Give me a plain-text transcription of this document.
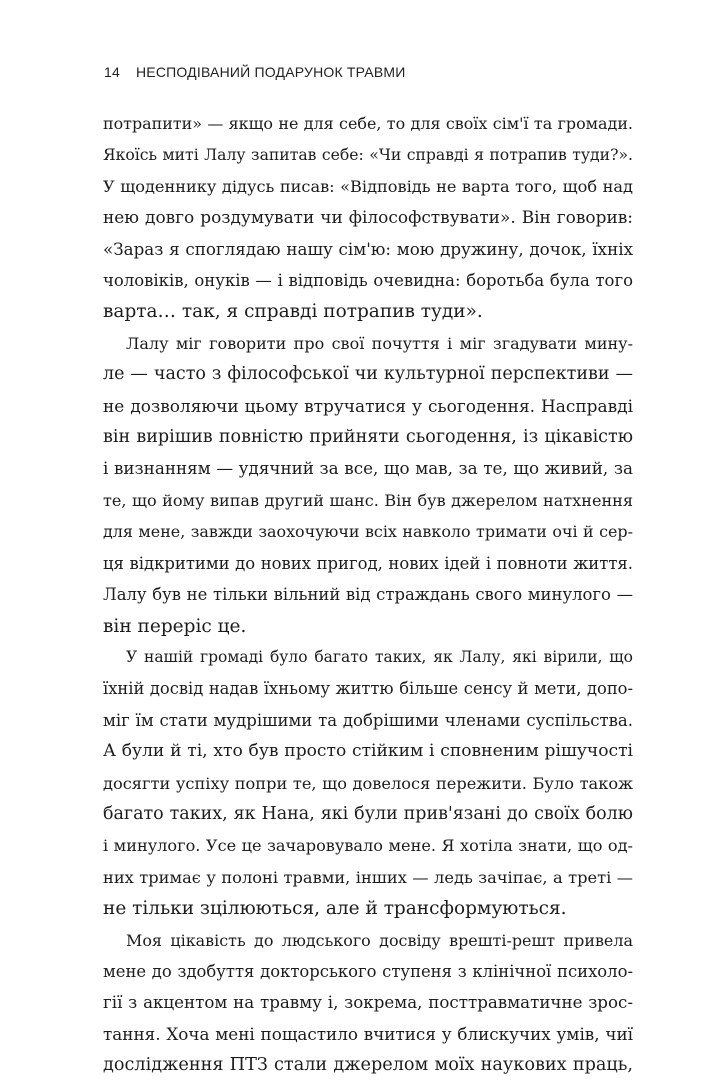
14 НЕСПОДІВАНИЙ ПОДАРУНОК ТРАВМИ
потрапити» — якщо не для себе, то для своїх сім'ї та громади.
Якоїсь миті Лалу запитав себе: «Чи справді я потрапив туди?».
У щоденнику дідусь писав: «Відповідь не варта того, щоб над
нею довго роздумувати чи філософствувати». Він говорив:
«Зараз я споглядаю нашу сім'ю: мою дружину, дочок, їхніх
чоловіків, онуків — і відповідь очевидна: боротьба була того
варта… так, я справді потрапив туди».
Лалу міг говорити про свої почуття і міг згадувати мину-
ле — часто з філософської чи культурної перспективи —
не дозволяючи цьому втручатися у сьогодення. Насправді
він вирішив повністю прийняти сьогодення, із цікавістю
і визнанням — удячний за все, що мав, за те, що живий, за
те, що йому випав другий шанс. Він був джерелом натхнення
для мене, завжди заохочуючи всіх навколо тримати очі й сер-
ця відкритими до нових пригод, нових ідей і повноти життя.
Лалу був не тільки вільний від страждань свого минулого —
він переріс це.
У нашій громаді було багато таких, як Лалу, які вірили, що
їхній досвід надав їхньому життю більше сенсу й мети, допо-
міг їм стати мудрішими та добрішими членами суспільства.
А були й ті, хто був просто стійким і сповненим рішучості
досягти успіху попри те, що довелося пережити. Було також
багато таких, як Нана, які були прив'язані до своїх болю
і минулого. Усе це зачаровувало мене. Я хотіла знати, що од-
них тримає у полоні травми, інших — ледь зачіпає, а треті —
не тільки зцілюються, але й трансформуються.
Моя цікавість до людського досвіду врешті-решт привела
мене до здобуття докторського ступеня з клінічної психоло-
гії з акцентом на травму і, зокрема, посттравматичне зрос-
тання. Хоча мені пощастило вчитися у блискучих умів, чиї
дослідження ПТЗ стали джерелом моїх наукових праць,
